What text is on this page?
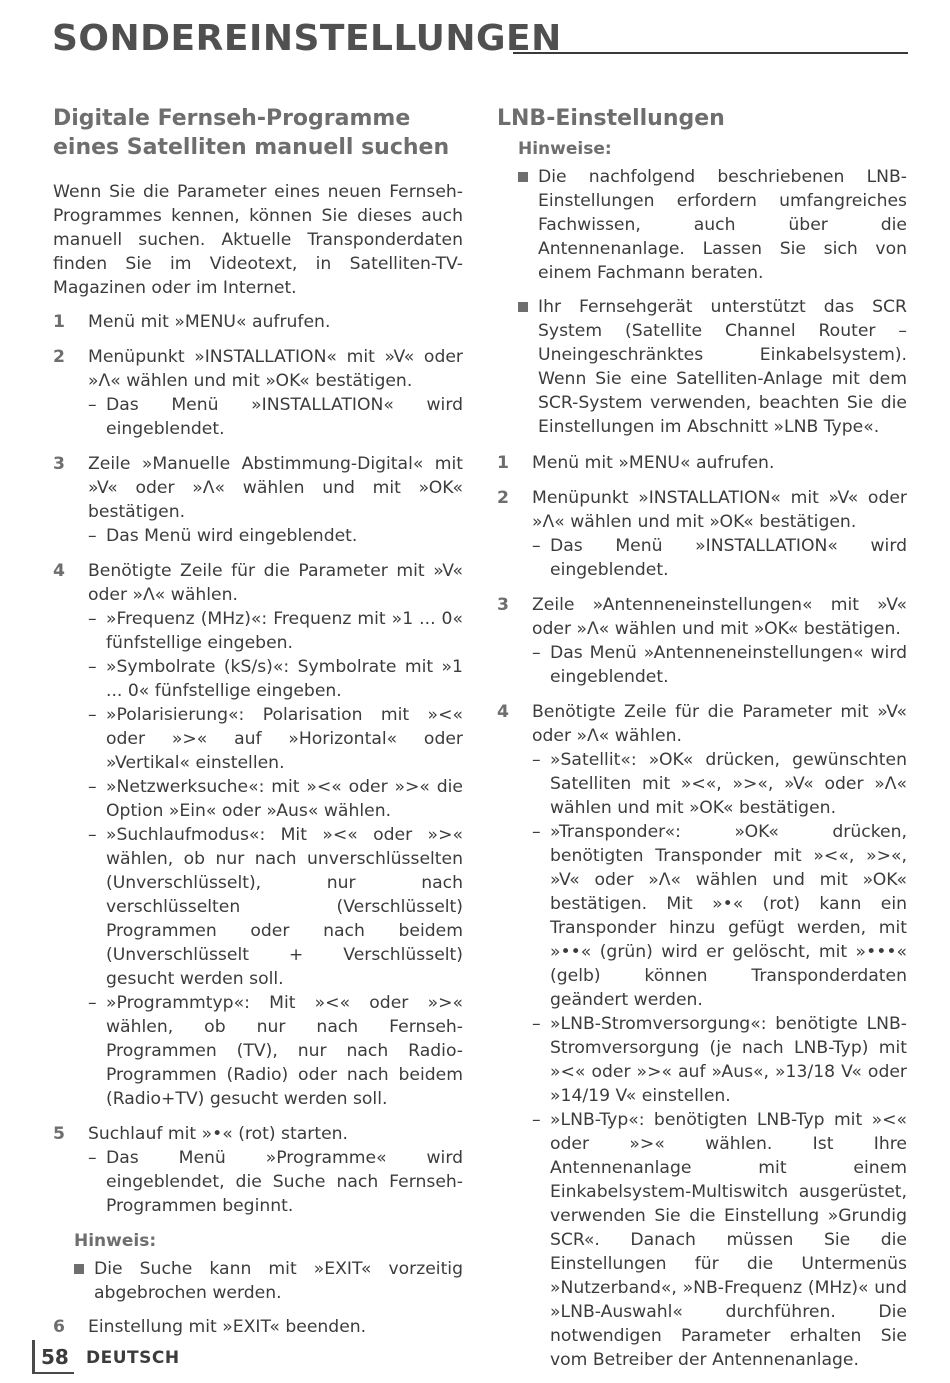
SONDEREINSTELLUNGEN
Digitale Fernseh-Programme eines Satelliten manuell suchen

Wenn Sie die Parameter eines neuen Fernseh-Programmes kennen, können Sie dieses auch manuell suchen. Aktuelle Transponderdaten finden Sie im Videotext, in Satelliten-TV-Magazinen oder im Internet.

1 Menü mit »MENU« aufrufen.
2 Menüpunkt »INSTALLATION« mit »V« oder »Λ« wählen und mit »OK« bestätigen.
– Das Menü »INSTALLATION« wird eingeblendet.
3 Zeile »Manuelle Abstimmung-Digital« mit »V« oder »Λ« wählen und mit »OK« bestätigen.
– Das Menü wird eingeblendet.
4 Benötigte Zeile für die Parameter mit »V« oder »Λ« wählen.
– »Frequenz (MHz)«: Frequenz mit »1 ... 0« fünfstellige eingeben.
– »Symbolrate (kS/s)«: Symbolrate mit »1 ... 0« fünfstellige eingeben.
– »Polarisierung«: Polarisation mit »<« oder »>« auf »Horizontal« oder »Vertikal« einstellen.
– »Netzwerksuche«: mit »<« oder »>« die Option »Ein« oder »Aus« wählen.
– »Suchlaufmodus«: Mit »<« oder »>« wählen, ob nur nach unverschlüsselten (Unverschlüsselt), nur nach verschlüsselten (Verschlüsselt) Programmen oder nach beidem (Unverschlüsselt + Verschlüsselt) gesucht werden soll.
– »Programmtyp«: Mit »<« oder »>« wählen, ob nur nach Fernseh-Programmen (TV), nur nach Radio-Programmen (Radio) oder nach beidem (Radio+TV) gesucht werden soll.
5 Suchlauf mit »•« (rot) starten.
– Das Menü »Programme« wird eingeblendet, die Suche nach Fernseh-Programmen beginnt.
Hinweis:
Die Suche kann mit »EXIT« vorzeitig abgebrochen werden.
6 Einstellung mit »EXIT« beenden.
LNB-Einstellungen
Hinweise:
Die nachfolgend beschriebenen LNB-Einstellungen erfordern umfangreiches Fachwissen, auch über die Antennenanlage. Lassen Sie sich von einem Fachmann beraten.
Ihr Fernsehgerät unterstützt das SCR System (Satellite Channel Router – Uneingeschränktes Einkabelsystem). Wenn Sie eine Satelliten-Anlage mit dem SCR-System verwenden, beachten Sie die Einstellungen im Abschnitt »LNB Type«.
1 Menü mit »MENU« aufrufen.
2 Menüpunkt »INSTALLATION« mit »V« oder »Λ« wählen und mit »OK« bestätigen.
– Das Menü »INSTALLATION« wird eingeblendet.
3 Zeile »Antenneneinstellungen« mit »V« oder »Λ« wählen und mit »OK« bestätigen.
– Das Menü »Antenneneinstellungen« wird eingeblendet.
4 Benötigte Zeile für die Parameter mit »V« oder »Λ« wählen.
– »Satellit«: »OK« drücken, gewünschten Satelliten mit »<«, »>«, »V« oder »Λ« wählen und mit »OK« bestätigen.
– »Transponder«: »OK« drücken, benötigten Transponder mit »<«, »>«, »V« oder »Λ« wählen und mit »OK« bestätigen. Mit »•« (rot) kann ein Transponder hinzu gefügt werden, mit »••« (grün) wird er gelöscht, mit »•••« (gelb) können Transponderdaten geändert werden.
– »LNB-Stromversorgung«: benötigte LNB-Stromversorgung (je nach LNB-Typ) mit »<« oder »>« auf »Aus«, »13/18 V« oder »14/19 V« einstellen.
– »LNB-Typ«: benötigten LNB-Typ mit »<« oder »>« wählen. Ist Ihre Antennenanlage mit einem Einkabelsystem-Multiswitch ausgerüstet, verwenden Sie die Einstellung »Grundig SCR«. Danach müssen Sie die Einstellungen für die Untermenüs »Nutzerband«, »NB-Frequenz (MHz)« und »LNB-Auswahl« durchführen. Die notwendigen Parameter erhalten Sie vom Betreiber der Antennenanlage.
58 DEUTSCH
